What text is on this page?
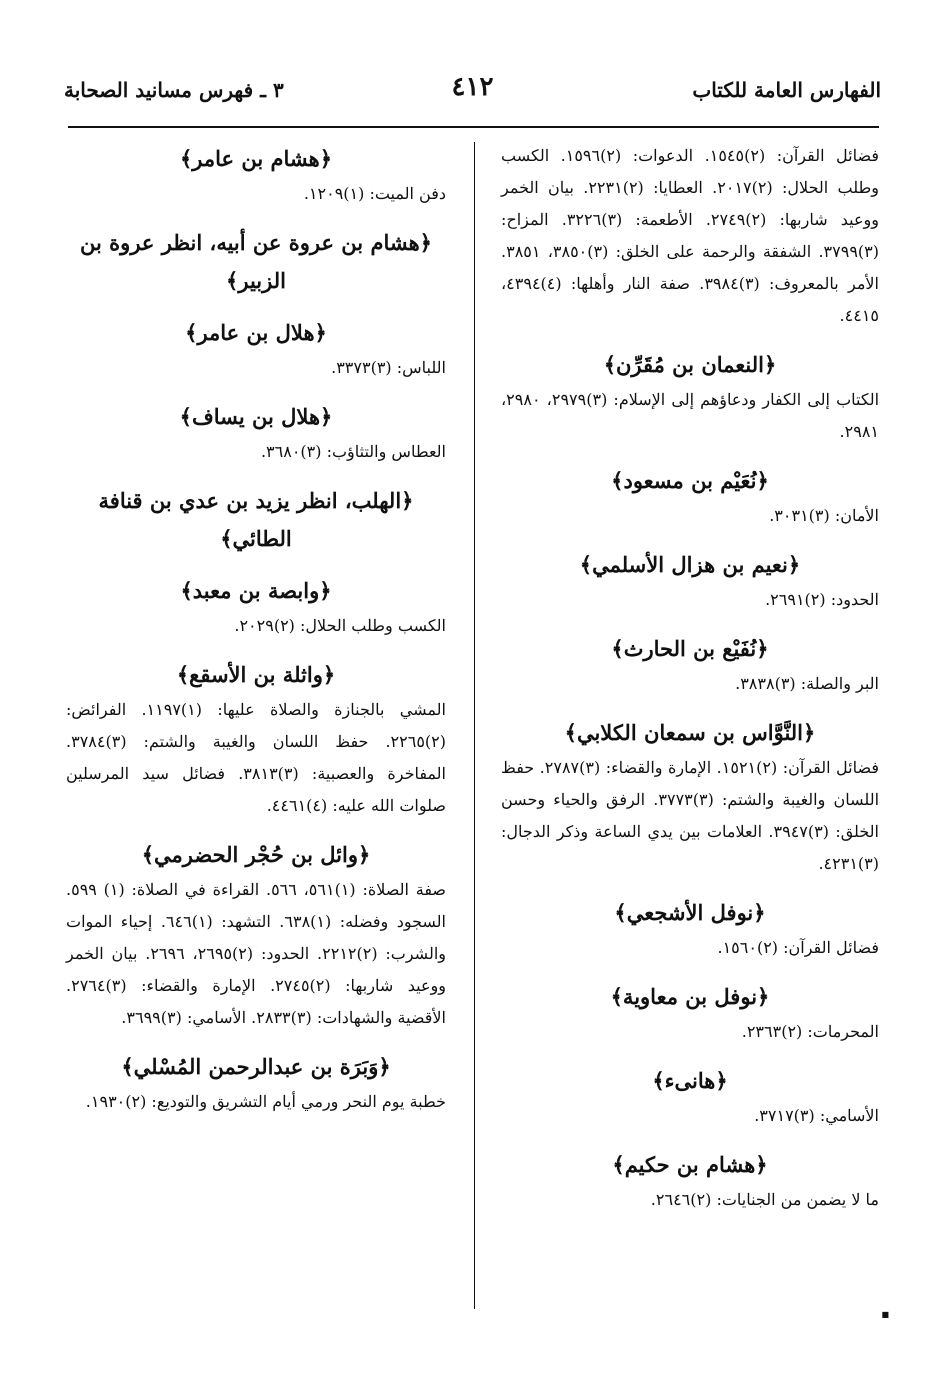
٣ ـ فهرس مسانيد الصحابة	٤١٢	الفهارس العامة للكتاب

فضائل القرآن: (٢)١٥٤٥. الدعوات: (٢)١٥٩٦. الكسب وطلب الحلال: (٢)٢٠١٧. العطايا: (٢)٢٢٣١. بيان الخمر ووعيد شاربها: (٢)٢٧٤٩. الأطعمة: (٣)٣٢٢٦. المزاح: (٣)٣٧٩٩. الشفقة والرحمة على الخلق: (٣)٣٨٥٠، ٣٨٥١. الأمر بالمعروف: (٣)٣٩٨٤. صفة النار وأهلها: (٤)٤٣٩٤، ٤٤١٥.

﴿النعمان بن مُقَرِّن﴾

الكتاب إلى الكفار ودعاؤهم إلى الإسلام: (٣)٢٩٧٩، ٢٩٨٠، ٢٩٨١.

﴿نُعَيْم بن مسعود﴾

الأمان: (٣)٣٠٣١.

﴿نعيم بن هزال الأسلمي﴾

الحدود: (٢)٢٦٩١.

﴿نُفَيْع بن الحارث﴾

البر والصلة: (٣)٣٨٣٨.

﴿النَّوَّاس بن سمعان الكلابي﴾

فضائل القرآن: (٢)١٥٢١. الإمارة والقضاء: (٣)٢٧٨٧. حفظ اللسان والغيبة والشتم: (٣)٣٧٧٣. الرفق والحياء وحسن الخلق: (٣)٣٩٤٧. العلامات بين يدي الساعة وذكر الدجال: (٣)٤٢٣١.

﴿نوفل الأشجعي﴾

فضائل القرآن: (٢)١٥٦٠.

﴿نوفل بن معاوية﴾

المحرمات: (٢)٢٣٦٣.

﴿هانىء﴾

الأسامي: (٣)٣٧١٧.

﴿هشام بن حكيم﴾

ما لا يضمن من الجنايات: (٢)٢٦٤٦.

﴿هشام بن عامر﴾

دفن الميت: (١)١٢٠٩.

﴿هشام بن عروة عن أبيه، انظر عروة بن الزبير﴾

﴿هلال بن عامر﴾

اللباس: (٣)٣٣٧٣.

﴿هلال بن يساف﴾

العطاس والتثاؤب: (٣)٣٦٨٠.

﴿الهلب، انظر يزيد بن عدي بن قنافة الطائي﴾

﴿وابصة بن معبد﴾

الكسب وطلب الحلال: (٢)٢٠٢٩.

﴿واثلة بن الأسقع﴾

المشي بالجنازة والصلاة عليها: (١)١١٩٧. الفرائض: (٢)٢٢٦٥. حفظ اللسان والغيبة والشتم: (٣)٣٧٨٤. المفاخرة والعصبية: (٣)٣٨١٣. فضائل سيد المرسلين صلوات الله عليه: (٤)٤٤٦١.

﴿وائل بن حُجْر الحضرمي﴾

صفة الصلاة: (١)٥٦١، ٥٦٦. القراءة في الصلاة: (١) ٥٩٩. السجود وفضله: (١)٦٣٨. التشهد: (١)٦٤٦. إحياء الموات والشرب: (٢)٢٢١٢. الحدود: (٢)٢٦٩٥، ٢٦٩٦. بيان الخمر ووعيد شاربها: (٢)٢٧٤٥. الإمارة والقضاء: (٣)٢٧٦٤. الأقضية والشهادات: (٣)٢٨٣٣. الأسامي: (٣)٣٦٩٩.

﴿وَبَرَة بن عبدالرحمن المُسْلي﴾

خطبة يوم النحر ورمي أيام التشريق والتوديع: (٢)١٩٣٠.

■
